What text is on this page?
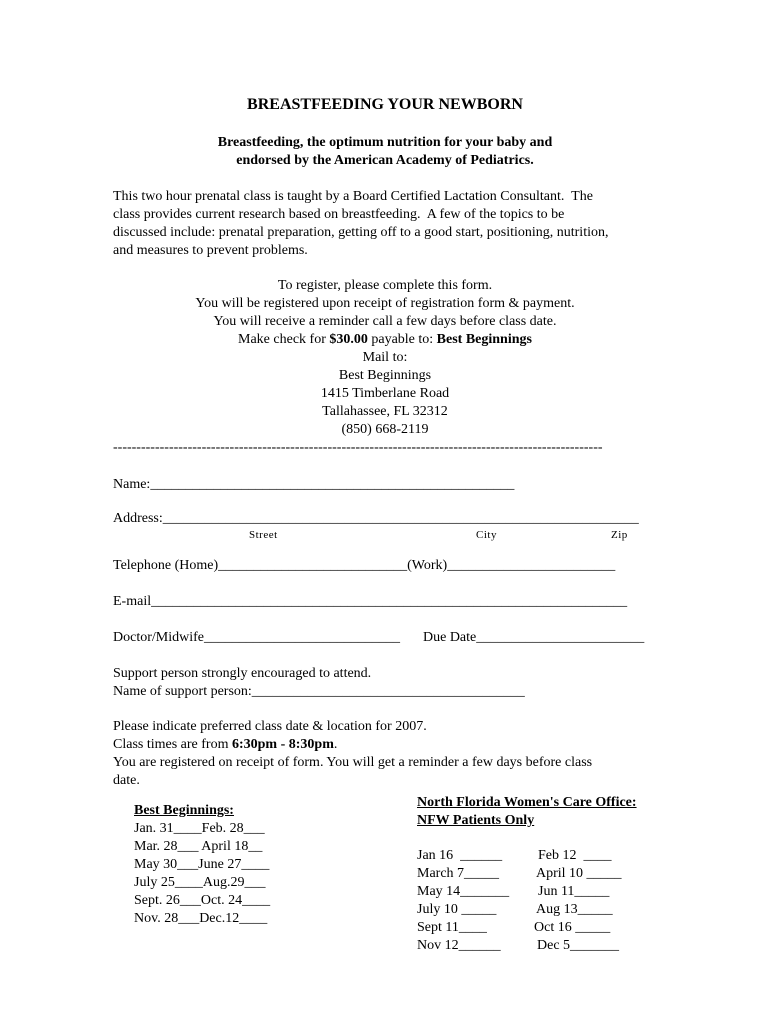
BREASTFEEDING YOUR NEWBORN
Breastfeeding, the optimum nutrition for your baby and
endorsed by the American Academy of Pediatrics.
This two hour prenatal class is taught by a Board Certified Lactation Consultant.  The
class provides current research based on breastfeeding.  A few of the topics to be
discussed include: prenatal preparation, getting off to a good start, positioning, nutrition,
and measures to prevent problems.
To register, please complete this form.
You will be registered upon receipt of registration form & payment.
You will receive a reminder call a few days before class date.
Make check for $30.00 payable to: Best Beginnings
Mail to:
Best Beginnings
1415 Timberlane Road
Tallahassee, FL 32312
(850) 668-2119
---------------------------------------------------------------------------------------------------------
Name:____________________________________________________
Address:____________________________________________________________________
Street	City	Zip
Telephone (Home)___________________________(Work)________________________
E-mail____________________________________________________________________
Doctor/Midwife____________________________ Due Date________________________
Support person strongly encouraged to attend.
Name of support person:_______________________________________
Please indicate preferred class date & location for 2007.
Class times are from 6:30pm - 8:30pm.
You are registered on receipt of form. You will get a reminder a few days before class
date.
Best Beginnings:
Jan. 31____Feb. 28___
Mar. 28___ April 18__
May 30___June 27____
July 25____Aug.29___
Sept. 26___Oct. 24____
Nov. 28___Dec.12____
North Florida Women's Care Office:
NFW Patients Only
Jan 16  ______
March 7_____
May 14_______
July 10 _____
Sept 11____
Nov 12______
Feb 12  ____
April 10 _____
Jun 11_____
Aug 13_____
Oct 16 _____
Dec 5_______
